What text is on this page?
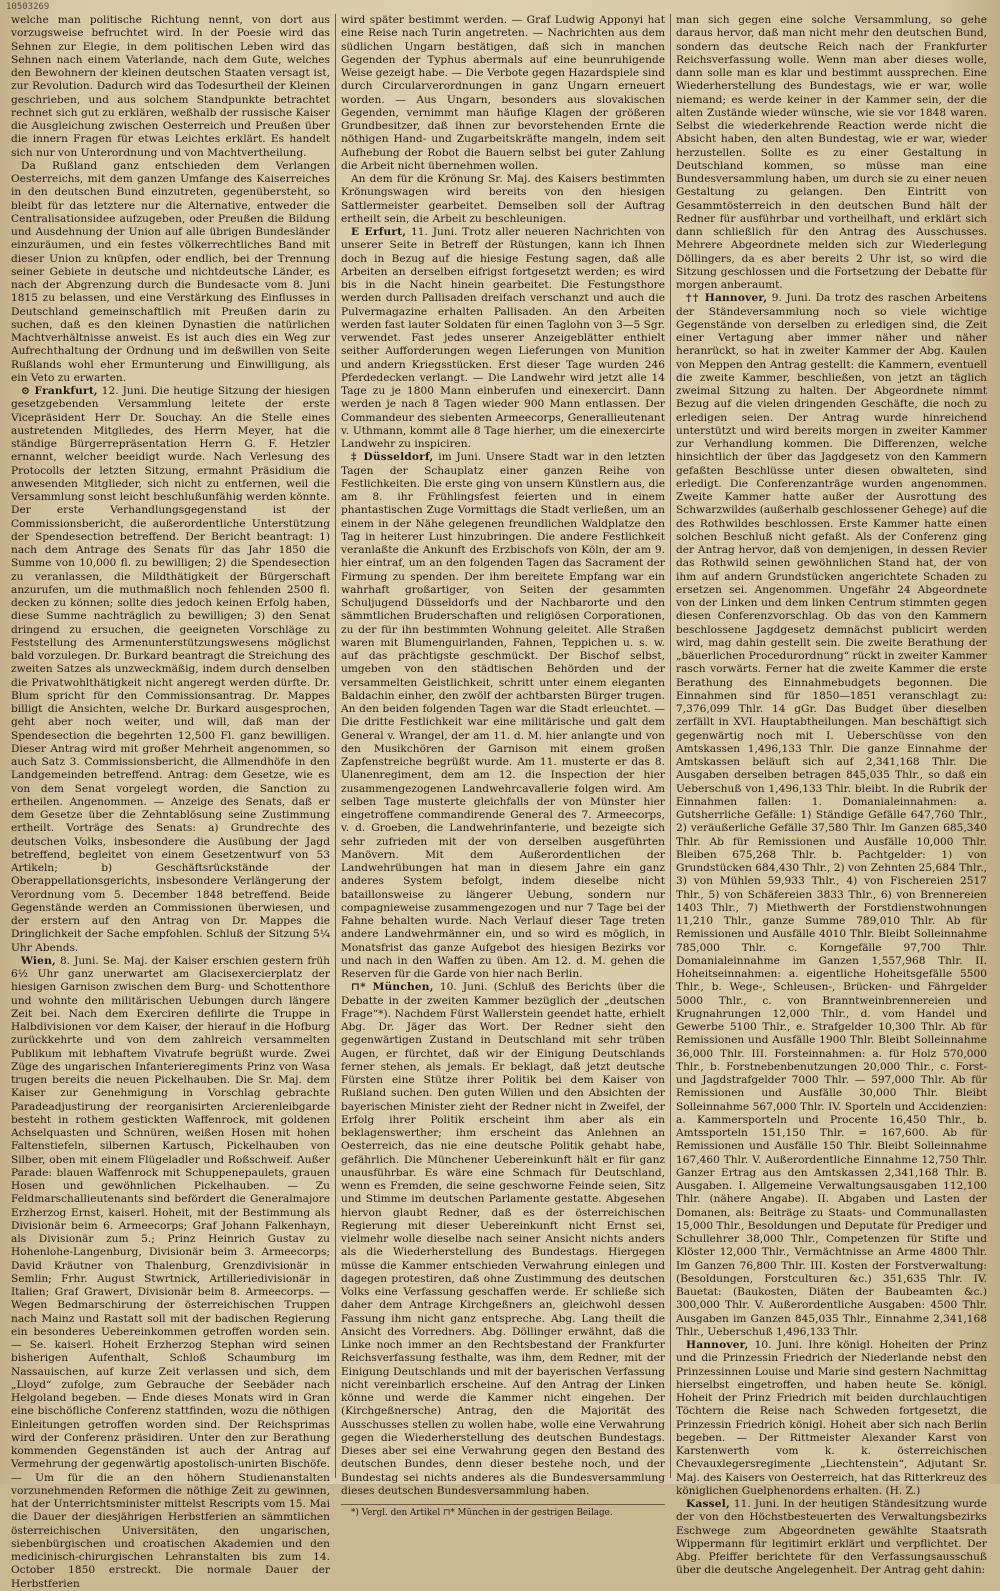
10503269

welche man politische Richtung nennt, von dort aus vorzugsweise befruchtet wird. In der Poesie wird das Sehnen zur Elegie, in dem politischen Leben wird das Sehnen nach einem Vaterlande, nach dem Gute, welches den Bewohnern der kleinen deutschen Staaten versagt ist, zur Revolution. Dadurch wird das Todesurtheil der Kleinen geschrieben, und aus solchem Standpunkte betrachtet rechnet sich gut zu erklären, weßhalb der russische Kaiser die Ausgleichung zwischen Oesterreich und Preußen über die innern Fragen für etwas Leichtes erklärt. Es handelt sich nur von Unterordnung und von Machtvertheilung.

Da Rußland ganz entschieden dem Verlangen Oesterreichs, mit dem ganzen Umfange des Kaiserreiches in den deutschen Bund einzutreten, gegenübersteht, so bleibt für das letztere nur die Alternative, entweder die Centralisationsidee aufzugeben, oder Preußen die Bildung und Ausdehnung der Union auf alle übrigen Bundesländer einzuräumen, und ein festes völkerrechtliches Band mit dieser Union zu knüpfen, oder endlich, bei der Trennung seiner Gebiete in deutsche und nichtdeutsche Länder, es nach der Abgrenzung durch die Bundesacte vom 8. Juni 1815 zu belassen, und eine Verstärkung des Einflusses in Deutschland gemeinschaftlich mit Preußen darin zu suchen, daß es den kleinen Dynastien die natürlichen Machtverhältnisse anweist. Es ist auch dies ein Weg zur Aufrechthaltung der Ordnung und im deßwillen von Seite Rußlands wohl eher Ermunterung und Einwilligung, als ein Veto zu erwarten.

⊙ Frankfurt, 12. Juni. Die heutige Sitzung der hiesigen gesetzgebenden Versammlung leitete der erste Vicepräsident Herr Dr. Souchay. An die Stelle eines austretenden Mitgliedes, des Herrn Meyer, hat die ständige Bürgerrepräsentation Herrn G. F. Hetzler ernannt, welcher beeidigt wurde. Nach Verlesung des Protocolls der letzten Sitzung, ermahnt Präsidium die anwesenden Mitglieder, sich nicht zu entfernen, weil die Versammlung sonst leicht beschlußunfähig werden könnte. Der erste Verhandlungsgegenstand ist der Commissionsbericht, die außerordentliche Unterstützung der Spendesection betreffend. Der Bericht beantragt: 1) nach dem Antrage des Senats für das Jahr 1850 die Summe von 10,000 fl. zu bewilligen; 2) die Spendesection zu veranlassen, die Mildthätigkeit der Bürgerschaft anzurufen, um die muthmaßlich noch fehlenden 2500 fl. decken zu können; sollte dies jedoch keinen Erfolg haben, diese Summe nachträglich zu bewilligen; 3) den Senat dringend zu ersuchen, die geeigneten Vorschläge zu Feststellung des Armenunterstützungswesens möglichst bald vorzulegen. Dr. Burkard beantragt die Streichung des zweiten Satzes als unzweckmäßig, indem durch denselben die Privatwohlthätigkeit nicht angeregt werden dürfte. Dr. Blum spricht für den Commissionsantrag. Dr. Mappes billigt die Ansichten, welche Dr. Burkard ausgesprochen, geht aber noch weiter, und will, daß man der Spendesection die begehrten 12,500 Fl. ganz bewilligen. Dieser Antrag wird mit großer Mehrheit angenommen, so auch Satz 3. Commissionsbericht, die Allmendhöfe in den Landgemeinden betreffend. Antrag: dem Gesetze, wie es von dem Senat vorgelegt worden, die Sanction zu ertheilen. Angenommen. — Anzeige des Senats, daß er dem Gesetze über die Zehntablösung seine Zustimmung ertheilt. Vorträge des Senats: a) Grundrechte des deutschen Volks, insbesondere die Ausübung der Jagd betreffend, begleitet von einem Gesetzentwurf von 53 Artikeln; b) Geschäftsrückstände der Oberappellationsgerichts, insbesondere Verlängerung der Verordnung vom 5. December 1848 betreffend. Beide Gegenstände werden an Commissionen überwiesen, und der erstern auf den Antrag von Dr. Mappes die Dringlichkeit der Sache empfohlen. Schluß der Sitzung 5¼ Uhr Abends.

Wien, 8. Juni. Se. Maj. der Kaiser erschien gestern früh 6½ Uhr ganz unerwartet am Glacisexercierplatz der hiesigen Garnison zwischen dem Burg- und Schottenthore und wohnte den militärischen Uebungen durch längere Zeit bei. Nach dem Exerciren defilirte die Truppe in Halbdivisionen vor dem Kaiser, der hierauf in die Hofburg zurückkehrte und von dem zahlreich versammelten Publikum mit lebhaftem Vivatrufe begrüßt wurde. Zwei Züge des ungarischen Infanterieregiments Prinz von Wasa trugen bereits die neuen Pickelhauben. Die Sr. Maj. dem Kaiser zur Genehmigung in Vorschlag gebrachte Paradeadjustirung der reorganisirten Arcierenleibgarde besteht in rothem gestickten Waffenrock, mit goldenen Achselquasten und Schnüren, weißen Hosen mit hohen Faltenstiefeln, silbernen Kartusch, Pickelhauben von Silber, oben mit einem Flügeladler und Roßschweif. Außer Parade: blauen Waffenrock mit Schuppenepaulets, grauen Hosen und gewöhnlichen Pickelhauben. — Zu Feldmarschallieutenants sind befördert die Generalmajore Erzherzog Ernst, kaiserl. Hoheit, mit der Bestimmung als Divisionär beim 6. Armeecorps; Graf Johann Falkenhayn, als Divisionär zum 5.; Prinz Heinrich Gustav zu Hohenlohe-Langenburg, Divisionär beim 3. Armeecorps; David Kräutner von Thalenburg, Grenzdivisionär in Semlin; Frhr. August Stwrtnick, Artilleriedivisionär in Italien; Graf Grawert, Divisionär beim 8. Armeecorps. — Wegen Bedmarschirung der österreichischen Truppen nach Mainz und Rastatt soll mit der badischen Regierung ein besonderes Uebereinkommen getroffen worden sein. — Se. kaiserl. Hoheit Erzherzog Stephan wird seinen bisherigen Aufenthalt, Schloß Schaumburg im Nassauischen, auf kurze Zeit verlassen und sich, dem „Lloyd“ zufolge, zum Gebrauche der Seebäder nach Helgoland begeben. — Ende dieses Monats wird in Gran eine bischöfliche Conferenz stattfinden, wozu die nöthigen Einleitungen getroffen worden sind. Der Reichsprimas wird der Conferenz präsidiren. Unter den zur Berathung kommenden Gegenständen ist auch der Antrag auf Vermehrung der gegenwärtig apostolisch-unirten Bischöfe. — Um für die an den höhern Studienanstalten vorzunehmenden Reformen die nöthige Zeit zu gewinnen, hat der Unterrichtsminister mittelst Rescripts vom 15. Mai die Dauer der diesjährigen Herbstferien an sämmtlichen österreichischen Universitäten, den ungarischen, siebenbürgischen und croatischen Akademien und den medicinisch-chirurgischen Lehranstalten bis zum 14. October 1850 erstreckt. Die normale Dauer der Herbstferien

wird später bestimmt werden. — Graf Ludwig Apponyi hat eine Reise nach Turin angetreten. — Nachrichten aus dem südlichen Ungarn bestätigen, daß sich in manchen Gegenden der Typhus abermals auf eine beunruhigende Weise gezeigt habe. — Die Verbote gegen Hazardspiele sind durch Circularverordnungen in ganz Ungarn erneuert worden. — Aus Ungarn, besonders aus slovakischen Gegenden, vernimmt man häufige Klagen der größeren Grundbesitzer, daß ihnen zur bevorstehenden Ernte die nöthigen Hand- und Zugarbeitskräfte mangeln, indem seit Aufhebung der Robot die Bauern selbst bei guter Zahlung die Arbeit nicht übernehmen wollen.

An dem für die Krönung Sr. Maj. des Kaisers bestimmten Krönungswagen wird bereits von den hiesigen Sattlermeister gearbeitet. Demselben soll der Auftrag ertheilt sein, die Arbeit zu beschleunigen.

E Erfurt, 11. Juni. Trotz aller neueren Nachrichten von unserer Seite in Betreff der Rüstungen, kann ich Ihnen doch in Bezug auf die hiesige Festung sagen, daß alle Arbeiten an derselben eifrigst fortgesetzt werden; es wird bis in die Nacht hinein gearbeitet. Die Festungsthore werden durch Pallisaden dreifach verschanzt und auch die Pulvermagazine erhalten Pallisaden. An den Arbeiten werden fast lauter Soldaten für einen Taglohn von 3—5 Sgr. verwendet. Fast jedes unserer Anzeigeblätter enthielt seither Aufforderungen wegen Lieferungen von Munition und andern Kriegsstücken. Erst dieser Tage wurden 246 Pferdedecken verlangt. — Die Landwehr wird jetzt alle 14 Tage zu je 1800 Mann einberufen und einexercirt. Dann werden je nach 8 Tagen wieder 900 Mann entlassen. Der Commandeur des siebenten Armeecorps, Generallieutenant v. Uthmann, kommt alle 8 Tage hierher, um die einexercirte Landwehr zu inspiciren.

‡ Düsseldorf, im Juni. Unsere Stadt war in den letzten Tagen der Schauplatz einer ganzen Reihe von Festlichkeiten. Die erste ging von unsern Künstlern aus, die am 8. ihr Frühlingsfest feierten und in einem phantastischen Zuge Vormittags die Stadt verließen, um an einem in der Nähe gelegenen freundlichen Waldplatze den Tag in heiterer Lust hinzubringen. Die andere Festlichkeit veranlaßte die Ankunft des Erzbischofs von Köln, der am 9. hier eintraf, um an den folgenden Tagen das Sacrament der Firmung zu spenden. Der ihm bereitete Empfang war ein wahrhaft großartiger, von Seiten der gesammten Schuljugend Düsseldorfs und der Nachbarorte und den sämmtlichen Bruderschaften und religiösen Corporationen, zu der für ihn bestimmten Wohnung geleitet. Alle Straßen waren mit Blumenguirlanden, Fahnen, Teppichen u. s. w. auf das prächtigste geschmückt. Der Bischof selbst, umgeben von den städtischen Behörden und der versammelten Geistlichkeit, schritt unter einem eleganten Baldachin einher, den zwölf der achtbarsten Bürger trugen. An den beiden folgenden Tagen war die Stadt erleuchtet. — Die dritte Festlichkeit war eine militärische und galt dem General v. Wrangel, der am 11. d. M. hier anlangte und von den Musikchören der Garnison mit einem großen Zapfenstreiche begrüßt wurde. Am 11. musterte er das 8. Ulanenregiment, dem am 12. die Inspection der hier zusammengezogenen Landwehrcavallerie folgen wird. Am selben Tage musterte gleichfalls der von Münster hier eingetroffene commandirende General des 7. Armeecorps, v. d. Groeben, die Landwehrinfanterie, und bezeigte sich sehr zufrieden mit der von derselben ausgeführten Manövern. Mit dem Außerordentlichen der Landwehrübungen hat man in diesem Jahre ein ganz anderes System befolgt, indem dieselbe nicht bataillonsweise zu längerer Uebung, sondern nur compagnieweise zusammengezogen und nur 7 Tage bei der Fahne behalten wurde. Nach Verlauf dieser Tage treten andere Landwehrmänner ein, und so wird es möglich, in Monatsfrist das ganze Aufgebot des hiesigen Bezirks vor und nach in den Waffen zu üben. Am 12. d. M. gehen die Reserven für die Garde von hier nach Berlin.

⊓* München, 10. Juni. (Schluß des Berichts über die Debatte in der zweiten Kammer bezüglich der „deutschen Frage“*). Nachdem Fürst Wallerstein geendet hatte, erhielt Abg. Dr. Jäger das Wort. Der Redner sieht den gegenwärtigen Zustand in Deutschland mit sehr trüben Augen, er fürchtet, daß wir der Einigung Deutschlands ferner stehen, als jemals. Er beklagt, daß jetzt deutsche Fürsten eine Stütze ihrer Politik bei dem Kaiser von Rußland suchen. Den guten Willen und den Absichten der bayerischen Minister zieht der Redner nicht in Zweifel, der Erfolg ihrer Politik erscheint ihm aber als ein beklagenswerther; ihm erscheint das Anlehnen an Oesterreich, das nie eine deutsche Politik gehabt habe, gefährlich. Die Münchener Uebereinkunft hält er für ganz unausführbar. Es wäre eine Schmach für Deutschland, wenn es Fremden, die seine geschworne Feinde seien, Sitz und Stimme im deutschen Parlamente gestatte. Abgesehen hiervon glaubt Redner, daß es der österreichischen Regierung mit dieser Uebereinkunft nicht Ernst sei, vielmehr wolle dieselbe nach seiner Ansicht nichts anders als die Wiederherstellung des Bundestags. Hiergegen müsse die Kammer entschieden Verwahrung einlegen und dagegen protestiren, daß ohne Zustimmung des deutschen Volks eine Verfassung geschaffen werde. Er schließe sich daher dem Antrage Kirchgeßners an, gleichwohl dessen Fassung ihm nicht ganz entspreche. Abg. Lang theilt die Ansicht des Vorredners. Abg. Döllinger erwähnt, daß die Linke noch immer an den Rechtsbestand der Frankfurter Reichsverfassung festhalte, was ihm, dem Redner, mit der Einigung Deutschlands und mit der bayerischen Verfassung nicht vereinbarlich erscheine. Auf den Antrag der Linken könne und werde die Kammer nicht eingehen. Der (Kirchgeßnersche) Antrag, den die Majorität des Ausschusses stellen zu wollen habe, wolle eine Verwahrung gegen die Wiederherstellung des deutschen Bundestags. Dieses aber sei eine Verwahrung gegen den Bestand des deutschen Bundes, denn dieser bestehe noch, und der Bundestag sei nichts anderes als die Bundesversammlung dieses deutschen Bundesversammlung haben.

*) Vergl. den Artikel ⊓* München in der gestrigen Beilage.

man sich gegen eine solche Versammlung, so gehe daraus hervor, daß man nicht mehr den deutschen Bund, sondern das deutsche Reich nach der Frankfurter Reichsverfassung wolle. Wenn man aber dieses wolle, dann solle man es klar und bestimmt aussprechen. Eine Wiederherstellung des Bundestags, wie er war, wolle niemand; es werde keiner in der Kammer sein, der die alten Zustände wieder wünsche, wie sie vor 1848 waren. Selbst die wiederkehrende Reaction werde nicht die Absicht haben, den alten Bundestag, wie er war, wieder herzustellen. Sollte es zu einer Gestaltung in Deutschland kommen, so müsse man eine Bundesversammlung haben, um durch sie zu einer neuen Gestaltung zu gelangen. Den Eintritt von Gesammtösterreich in den deutschen Bund hält der Redner für ausführbar und vortheilhaft, und erklärt sich dann schließlich für den Antrag des Ausschusses. Mehrere Abgeordnete melden sich zur Wiederlegung Döllingers, da es aber bereits 2 Uhr ist, so wird die Sitzung geschlossen und die Fortsetzung der Debatte für morgen anberaumt.

†† Hannover, 9. Juni. Da trotz des raschen Arbeitens der Ständeversammlung noch so viele wichtige Gegenstände von derselben zu erledigen sind, die Zeit einer Vertagung aber immer näher und näher heranrückt, so hat in zweiter Kammer der Abg. Kaulen von Meppen den Antrag gestellt: die Kammern, eventuell die zweite Kammer, beschließen, von jetzt an täglich zweimal Sitzung zu halten. Der Abgeordnete nimmt Bezug auf die vielen dringenden Geschäfte, die noch zu erledigen seien. Der Antrag wurde hinreichend unterstützt und wird bereits morgen in zweiter Kammer zur Verhandlung kommen. Die Differenzen, welche hinsichtlich der über das Jagdgesetz von den Kammern gefaßten Beschlüsse unter diesen obwalteten, sind erledigt. Die Conferenzanträge wurden angenommen. Zweite Kammer hatte außer der Ausrottung des Schwarzwildes (außerhalb geschlossener Gehege) auf die des Rothwildes beschlossen. Erste Kammer hatte einen solchen Beschluß nicht gefaßt. Als der Conferenz ging der Antrag hervor, daß von demjenigen, in dessen Revier das Rothwild seinen gewöhnlichen Stand hat, der von ihm auf andern Grundstücken angerichtete Schaden zu ersetzen sei. Angenommen. Ungefähr 24 Abgeordnete von der Linken und dem linken Centrum stimmten gegen diesen Conferenzvorschlag. Ob das von den Kammern beschlossene Jagdgesetz demnächst publicirt werden wird, mag dahin gestellt sein. Die zweite Berathung der „bäuerlichen Procedurordnung“ rückt in zweiter Kammer rasch vorwärts. Ferner hat die zweite Kammer die erste Berathung des Einnahmebudgets begonnen. Die Einnahmen sind für 1850—1851 veranschlagt zu: 7,376,099 Thlr. 14 gGr. Das Budget über dieselben zerfällt in XVI. Hauptabtheilungen. Man beschäftigt sich gegenwärtig noch mit I. Ueberschüsse von den Amtskassen 1,496,133 Thlr. Die ganze Einnahme der Amtskassen beläuft sich auf 2,341,168 Thlr. Die Ausgaben derselben betragen 845,035 Thlr., so daß ein Ueberschuß von 1,496,133 Thlr. bleibt. In die Rubrik der Einnahmen fallen: 1. Domanialeinnahmen: a. Gutsherrliche Gefälle: 1) Ständige Gefälle 647,760 Thlr., 2) veräußerliche Gefälle 37,580 Thlr. Im Ganzen 685,340 Thlr. Ab für Remissionen und Ausfälle 10,000 Thlr. Bleiben 675,268 Thlr. b. Pachtgelder: 1) von Grundstücken 684,430 Thlr., 2) von Zehnten 25,684 Thlr., 3) von Mühlen 59,933 Thlr., 4) von Fischereien 2517 Thlr., 5) von Schäfereien 3833 Thlr., 6) von Brennereien 1403 Thlr., 7) Miethwerth der Forstdienstwohnungen 11,210 Thlr., ganze Summe 789,010 Thlr. Ab für Remissionen und Ausfälle 4010 Thlr. Bleibt Solleinnahme 785,000 Thlr. c. Korngefälle 97,700 Thlr. Domanialeinnahme im Ganzen 1,557,968 Thlr. II. Hoheitseinnahmen: a. eigentliche Hoheitsgefälle 5500 Thlr., b. Wege-, Schleusen-, Brücken- und Fährgelder 5000 Thlr., c. von Branntweinbrennereien und Krugnahrungen 12,000 Thlr., d. vom Handel und Gewerbe 5100 Thlr., e. Strafgelder 10,300 Thlr. Ab für Remissionen und Ausfälle 1900 Thlr. Bleibt Solleinnahme 36,000 Thlr. III. Forsteinnahmen: a. für Holz 570,000 Thlr., b. Forstnebenbenutzungen 20,000 Thlr., c. Forst- und Jagdstrafgelder 7000 Thlr. — 597,000 Thlr. Ab für Remissionen und Ausfälle 30,000 Thlr. Bleibt Solleinnahme 567,000 Thlr. IV. Sporteln und Accidenzien: a. Kammersporteln und Procente 16,450 Thlr., b. Amtssporteln 151,150 Thlr. = 167,600. Ab für Remissionen und Ausfälle 150 Thlr. Bleibt Solleinnahme 167,460 Thlr. V. Außerordentliche Einnahme 12,750 Thlr. Ganzer Ertrag aus den Amtskassen 2,341,168 Thlr. B. Ausgaben. I. Allgemeine Verwaltungsausgaben 112,100 Thlr. (nähere Angabe). II. Abgaben und Lasten der Domanen, als: Beiträge zu Staats- und Communallasten 15,000 Thlr., Besoldungen und Deputate für Prediger und Schullehrer 38,000 Thlr., Competenzen für Stifte und Klöster 12,000 Thlr., Vermächtnisse an Arme 4800 Thlr. Im Ganzen 76,800 Thlr. III. Kosten der Forstverwaltung: (Besoldungen, Forstculturen &c.) 351,635 Thlr. IV. Bauetat: (Baukosten, Diäten der Baubeamten &c.) 300,000 Thlr. V. Außerordentliche Ausgaben: 4500 Thlr. Ausgaben im Ganzen 845,035 Thlr., Einnahme 2,341,168 Thlr., Ueberschuß 1,496,133 Thlr.

Hannover, 10. Juni. Ihre königl. Hoheiten der Prinz und die Prinzessin Friedrich der Niederlande nebst den Prinzessinnen Louise und Marie sind gestern Nachmittag hierselbst eingetroffen, und haben heute Se. königl. Hoheit der Prinz Friedrich mit beiden durchlauchtigen Töchtern die Reise nach Schweden fortgesetzt, die Prinzessin Friedrich königl. Hoheit aber sich nach Berlin begeben. — Der Rittmeister Alexander Karst von Karstenwerth vom k. k. österreichischen Chevauxlegersregimente „Liechtenstein“, Adjutant Sr. Maj. des Kaisers von Oesterreich, hat das Ritterkreuz des königlichen Guelphenordens erhalten. (H. Z.)

Kassel, 11. Juni. In der heutigen Ständesitzung wurde der von den Höchstbesteuerten des Verwaltungsbezirks Eschwege zum Abgeordneten gewählte Staatsrath Wippermann für legitimirt erklärt und verpflichtet. Der Abg. Pfeiffer berichtete für den Verfassungsausschuß über die deutsche Angelegenheit. Der Antrag geht dahin:
